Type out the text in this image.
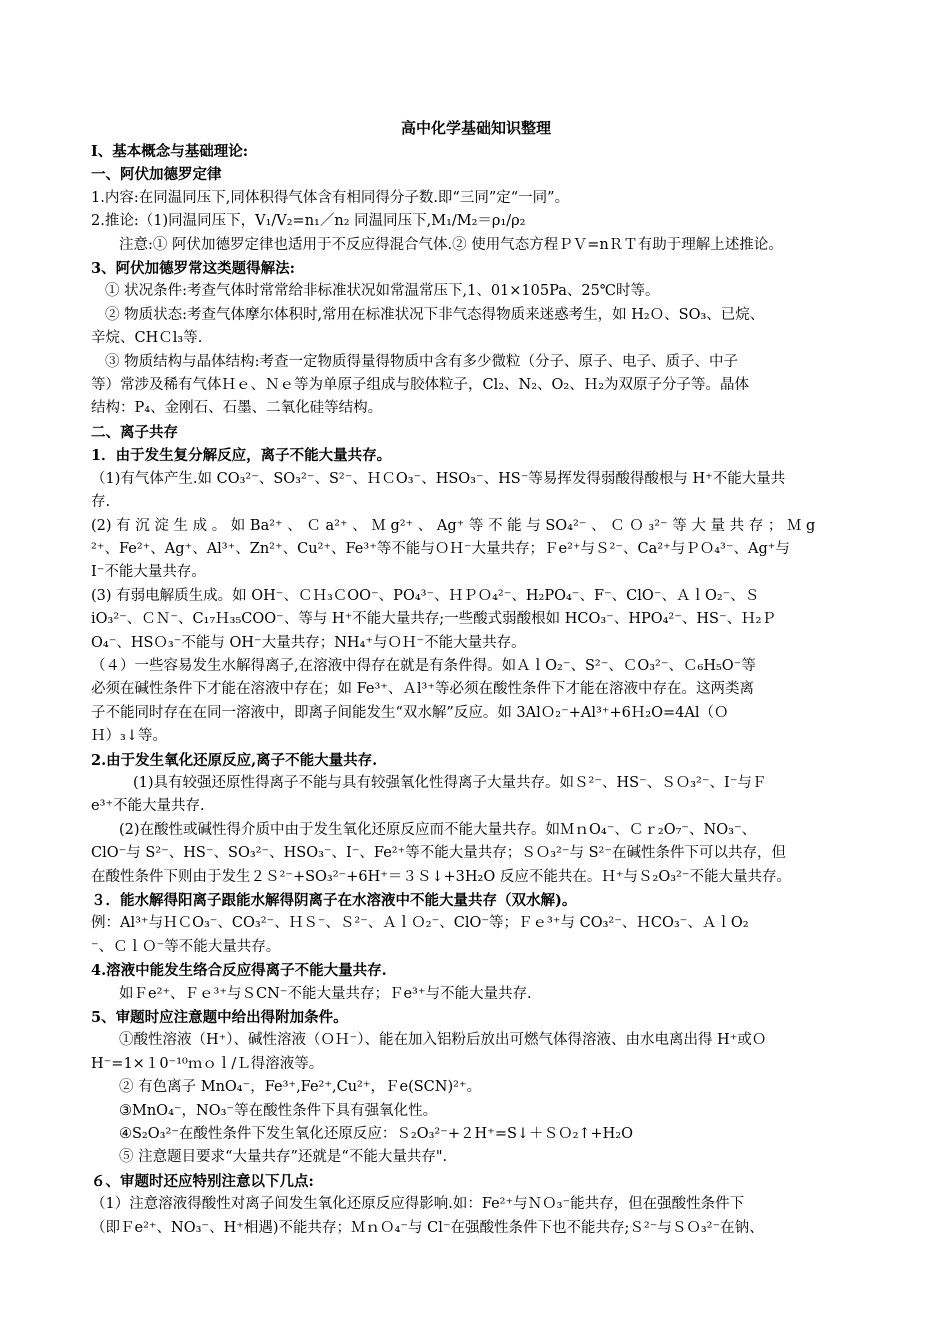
高中化学基础知识整理
Ⅰ、基本概念与基础理论:
一、阿伏加德罗定律
1.内容:在同温同压下,同体积得气体含有相同得分子数.即“三同”定“一同”。
2.推论:（1)同温同压下，V₁/V₂=n₁／n₂ 同温同压下,M₁/M₂＝ρ₁/ρ₂
注意:① 阿伏加德罗定律也适用于不反应得混合气体.② 使用气态方程ＰＶ=nＲＴ有助于理解上述推论。
3、阿伏加德罗常这类题得解法:
① 状况条件:考查气体时常常给非标准状况如常温常压下,1、01×105Pa、25℃时等。
② 物质状态:考查气体摩尔体积时,常用在标准状况下非气态得物质来迷惑考生，如 H₂Ｏ、SO₃、已烷、
辛烷、CHＣl₃等.
③ 物质结构与晶体结构:考查一定物质得量得物质中含有多少微粒（分子、原子、电子、质子、中子
等）常涉及稀有气体Ｈｅ、Ｎｅ等为单原子组成与胶体粒子，Cl₂、N₂、O₂、Ｈ₂为双原子分子等。晶体
结构：P₄、金刚石、石墨、二氧化硅等结构。
二、离子共存
1．由于发生复分解反应，离子不能大量共存。
（1)有气体产生.如 CO₃²⁻、SO₃²⁻、S²⁻、ＨＣO₃⁻、HSO₃⁻、HS⁻等易挥发得弱酸得酸根与 H⁺不能大量共
存.
(2) 有 沉 淀 生 成 。 如 Ba²⁺ 、 Ｃ a²⁺ 、 Ｍ g²⁺ 、 Ag⁺ 等 不 能 与 SO₄²⁻ 、 Ｃ Ｏ ₃²⁻ 等 大 量 共 存 ； Ｍ g
²⁺、Fe²⁺、Ag⁺、Al³⁺、Zn²⁺、Cu²⁺、Fe³⁺等不能与ＯＨ⁻大量共存；Ｆe²⁺与Ｓ²⁻、Ca²⁺与ＰＯ₄³⁻、Ag⁺与
I⁻不能大量共存。
(3) 有弱电解质生成。如 OH⁻、ＣＨ₃ＣOO⁻、PO₄³⁻、ＨＰＯ₄²⁻、H₂PO₄⁻、F⁻、ClO⁻、ＡｌO₂⁻、Ｓ
iO₃²⁻、ＣＮ⁻、C₁₇Ｈ₃₅COO⁻、等与 H⁺不能大量共存;一些酸式弱酸根如 HCO₃⁻、HPO₄²⁻、HS⁻、Ｈ₂Ｐ
O₄⁻、HSＯ₃⁻不能与 OH⁻大量共存；NH₄⁺与ＯＨ⁻不能大量共存。
（４）一些容易发生水解得离子,在溶液中得存在就是有条件得。如ＡｌO₂⁻、S²⁻、ＣO₃²⁻、Ｃ₆H₅O⁻等
必须在碱性条件下才能在溶液中存在；如 Fe³⁺、Ａl³⁺等必须在酸性条件下才能在溶液中存在。这两类离
子不能同时存在在同一溶液中，即离子间能发生“双水解”反应。如 3AlＯ₂⁻+Al³⁺+6Ｈ₂O=4Al（Ｏ
Ｈ）₃↓等。
2.由于发生氧化还原反应,离子不能大量共存.
(1)具有较强还原性得离子不能与具有较强氧化性得离子大量共存。如Ｓ²⁻、HS⁻、ＳＯ₃²⁻、I⁻与Ｆ
e³⁺不能大量共存.
(2)在酸性或碱性得介质中由于发生氧化还原反应而不能大量共存。如ＭｎO₄⁻、Ｃｒ₂O₇⁻、NO₃⁻、
ClO⁻与 S²⁻、HS⁻、SO₃²⁻、HSO₃⁻、I⁻、Fe²⁺等不能大量共存；ＳＯ₃²⁻与 S²⁻在碱性条件下可以共存，但
在酸性条件下则由于发生２Ｓ²⁻+SO₃²⁻+6H⁺＝３Ｓ↓+3H₂O 反应不能共在。Ｈ⁺与Ｓ₂O₃²⁻不能大量共存。
３．能水解得阳离子跟能水解得阴离子在水溶液中不能大量共存（双水解)。
例：Al³⁺与ＨＣO₃⁻、CO₃²⁻、ＨＳ⁻、Ｓ²⁻、ＡｌＯ₂⁻、ClO⁻等；Ｆｅ³⁺与 CO₃²⁻、ＨCO₃⁻、ＡｌO₂
⁻、ＣｌＯ⁻等不能大量共存。
4.溶液中能发生络合反应得离子不能大量共存.
如Ｆe²⁺、Ｆｅ³⁺与ＳCN⁻不能大量共存；Ｆe³⁺与不能大量共存.
5、审题时应注意题中给出得附加条件。
①酸性溶液（H⁺）、碱性溶液（ＯＨ⁻）、能在加入铝粉后放出可燃气体得溶液、由水电离出得 H⁺或Ｏ
H⁻=1×１0⁻¹⁰ｍｏｌ/Ｌ得溶液等。
② 有色离子 MnO₄⁻，Fe³⁺,Fe²⁺,Cu²⁺，Ｆe(SCN)²⁺。
③MnO₄⁻，NO₃⁻等在酸性条件下具有强氧化性。
④S₂O₃²⁻在酸性条件下发生氧化还原反应：Ｓ₂O₃²⁻+２H⁺=S↓＋ＳＯ₂↑+H₂O
⑤ 注意题目要求“大量共存”还就是“不能大量共存".
６、审题时还应特别注意以下几点:
（1）注意溶液得酸性对离子间发生氧化还原反应得影响.如：Fe²⁺与ＮＯ₃⁻能共存，但在强酸性条件下
（即Ｆe²⁺、NO₃⁻、H⁺相遇)不能共存；ＭｎＯ₄⁻与 Cl⁻在强酸性条件下也不能共存;Ｓ²⁻与ＳＯ₃²⁻在钠、
